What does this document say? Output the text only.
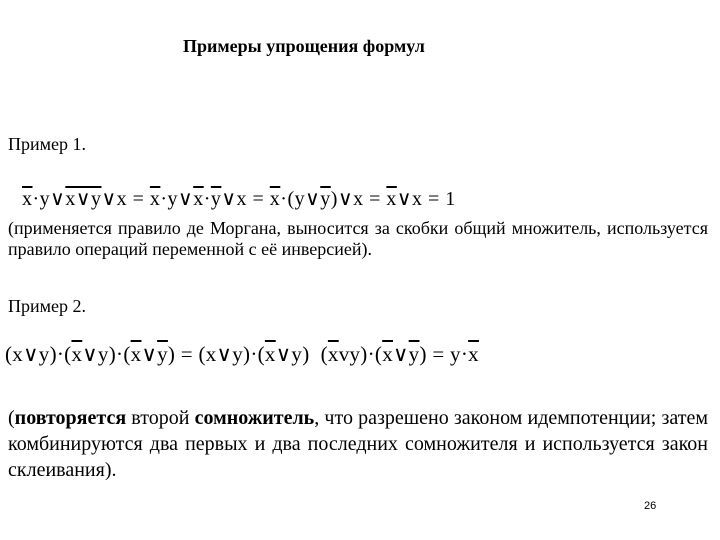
Примеры упрощения формул
Пример 1.
$\overline{x}\cdot y\vee x\vee y\vee x$ = $\overline{x}\cdot y\vee\overline{x}\cdot\overline{y}\vee x$ = $\overline{x}\cdot(y\vee\overline{y})\vee x$ = $\overline{x}\vee x = 1$
(применяется правило де Моргана, выносится за скобки общий множитель, используется правило операций переменной с её инверсией).
Пример 2.
$(x\vee y)\cdot(\overline{x}\vee y)\cdot(\overline{x}\vee\overline{y})$ = $(x\vee y)\cdot(\overline{x}\vee y)$  $(\overline{x}vy)\cdot(\overline{x}\vee\overline{y}) = y\cdot\overline{x}$
(повторяется второй сомножитель, что разрешено законом идемпотенции; затем комбинируются два первых и два последних сомножителя и используется закон склеивания).
26
